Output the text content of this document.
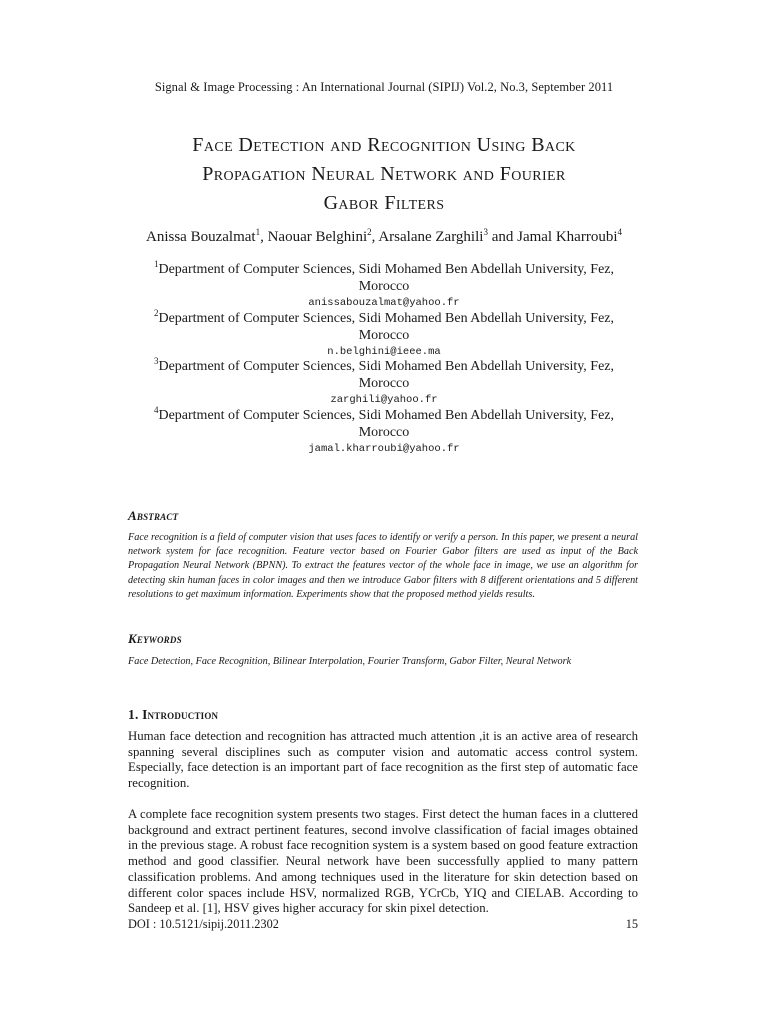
Signal & Image Processing : An International Journal (SIPIJ) Vol.2, No.3, September 2011
Face Detection and Recognition Using Back
Propagation Neural Network and Fourier
Gabor Filters
Anissa Bouzalmat$^1$, Naouar Belghini$^2$, Arsalane Zarghili$^3$ and Jamal Kharroubi$^4$
$^1$Department of Computer Sciences, Sidi Mohamed Ben Abdellah University, Fez,
Morocco
anissabouzalmat@yahoo.fr
$^2$Department of Computer Sciences, Sidi Mohamed Ben Abdellah University, Fez,
Morocco
n.belghini@ieee.ma
$^3$Department of Computer Sciences, Sidi Mohamed Ben Abdellah University, Fez,
Morocco
zarghili@yahoo.fr
$^4$Department of Computer Sciences, Sidi Mohamed Ben Abdellah University, Fez,
Morocco
jamal.kharroubi@yahoo.fr
Abstract
Face recognition is a field of computer vision that uses faces to identify or verify a person. In this paper, we present a neural network system for face recognition. Feature vector based on Fourier Gabor filters are used as input of the Back Propagation Neural Network (BPNN). To extract the features vector of the whole face in image, we use an algorithm for detecting skin human faces in color images and then we introduce Gabor filters with 8 different orientations and 5 different resolutions to get maximum information. Experiments show that the proposed method yields results.
Keywords
Face Detection, Face Recognition, Bilinear Interpolation, Fourier Transform, Gabor Filter, Neural Network
1. Introduction
Human face detection and recognition has attracted much attention ,it is an active area of research spanning several disciplines such as computer vision and automatic access control system. Especially, face detection is an important part of face recognition as the first step of automatic face recognition.
A complete face recognition system presents two stages. First detect the human faces in a cluttered background and extract pertinent features, second involve classification of facial images obtained in the previous stage. A robust face recognition system is a system based on good feature extraction method and good classifier. Neural network have been successfully applied to many pattern classification problems. And among techniques used in the literature for skin detection based on different color spaces include HSV, normalized RGB, YCrCb, YIQ and CIELAB. According to Sandeep et al. [1], HSV gives higher accuracy for skin pixel detection.
DOI : 10.5121/sipij.2011.2302	15
